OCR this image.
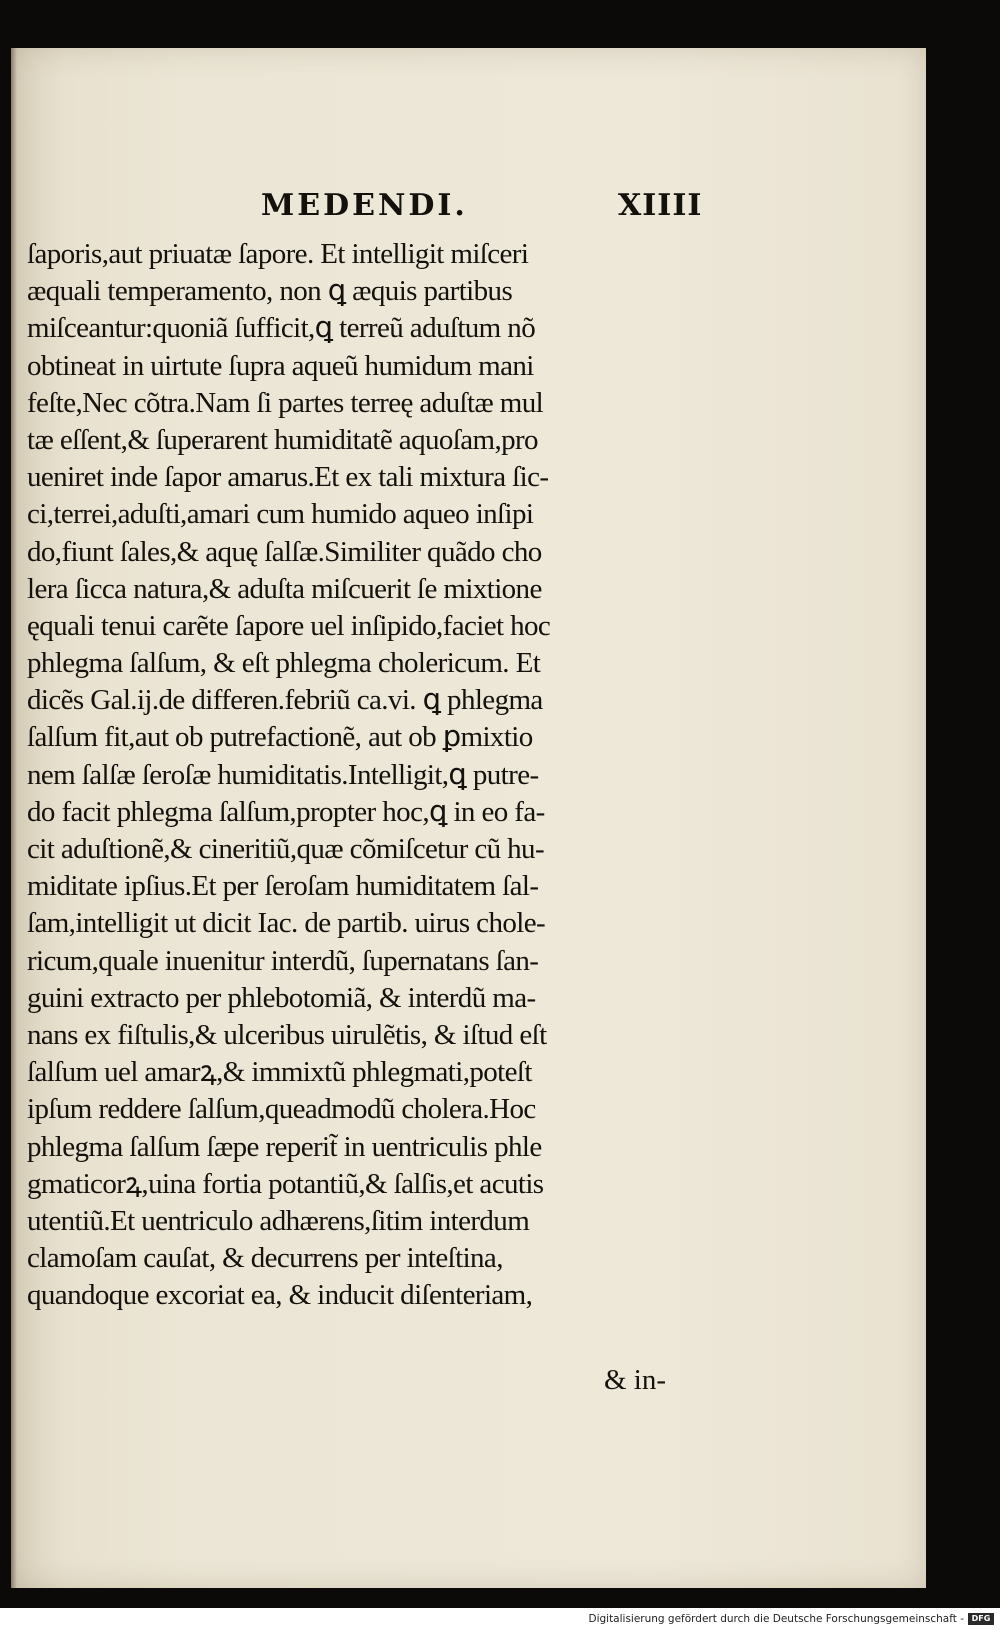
MEDENDI.	XIIII
ſaporis,aut priuatæ ſapore. Et intelligit miſceri
æquali temperamento, non ꝗ æquis partibus
miſceantur:quoniã ſufficit,ꝗ terreũ aduſtum nõ
obtineat in uirtute ſupra aqueũ humidum mani
feſte,Nec cõtra.Nam ſi partes terreę aduſtæ mul
tæ eſſent,& ſuperarent humiditatẽ aquoſam,pro
ueniret inde ſapor amarus.Et ex tali mixtura ſic-
ci,terrei,aduſti,amari cum humido aqueo inſipi
do,fiunt ſales,& aquę ſalſæ.Similiter quãdo cho
lera ſicca natura,& aduſta miſcuerit ſe mixtione
ęquali tenui carẽte ſapore uel inſipido,faciet hoc
phlegma ſalſum, & eſt phlegma cholericum. Et
dicẽs Gal.ij.de differen.febriũ ca.vi. ꝗ phlegma
ſalſum fit,aut ob putrefactionẽ, aut ob ꝑmixtio
nem ſalſæ ſeroſæ humiditatis.Intelligit,ꝗ putre-
do facit phlegma ſalſum,propter hoc,ꝗ in eo fa-
cit aduſtionẽ,& cineritiũ,quæ cõmiſcetur cũ hu-
miditate ipſius.Et per ſeroſam humiditatem ſal-
ſam,intelligit ut dicit Iac. de partib. uirus chole-
ricum,quale inuenitur interdũ, ſupernatans ſan-
guini extracto per phlebotomiã, & interdũ ma-
nans ex fiſtulis,& ulceribus uirulẽtis, & iſtud eſt
ſalſum uel amarꝝ,& immixtũ phlegmati,poteſt
ipſum reddere ſalſum,queadmodũ cholera.Hoc
phlegma ſalſum ſæpe reperit̃ in uentriculis phle
gmaticorꝝ,uina fortia potantiũ,& ſalſis,et acutis
utentiũ.Et uentriculo adhærens,ſitim interdum
clamoſam cauſat, & decurrens per inteſtina,
quandoque excoriat ea, & inducit diſenteriam,
& in-
Digitalisierung gefördert durch die Deutsche Forschungsgemeinschaft - DFG
